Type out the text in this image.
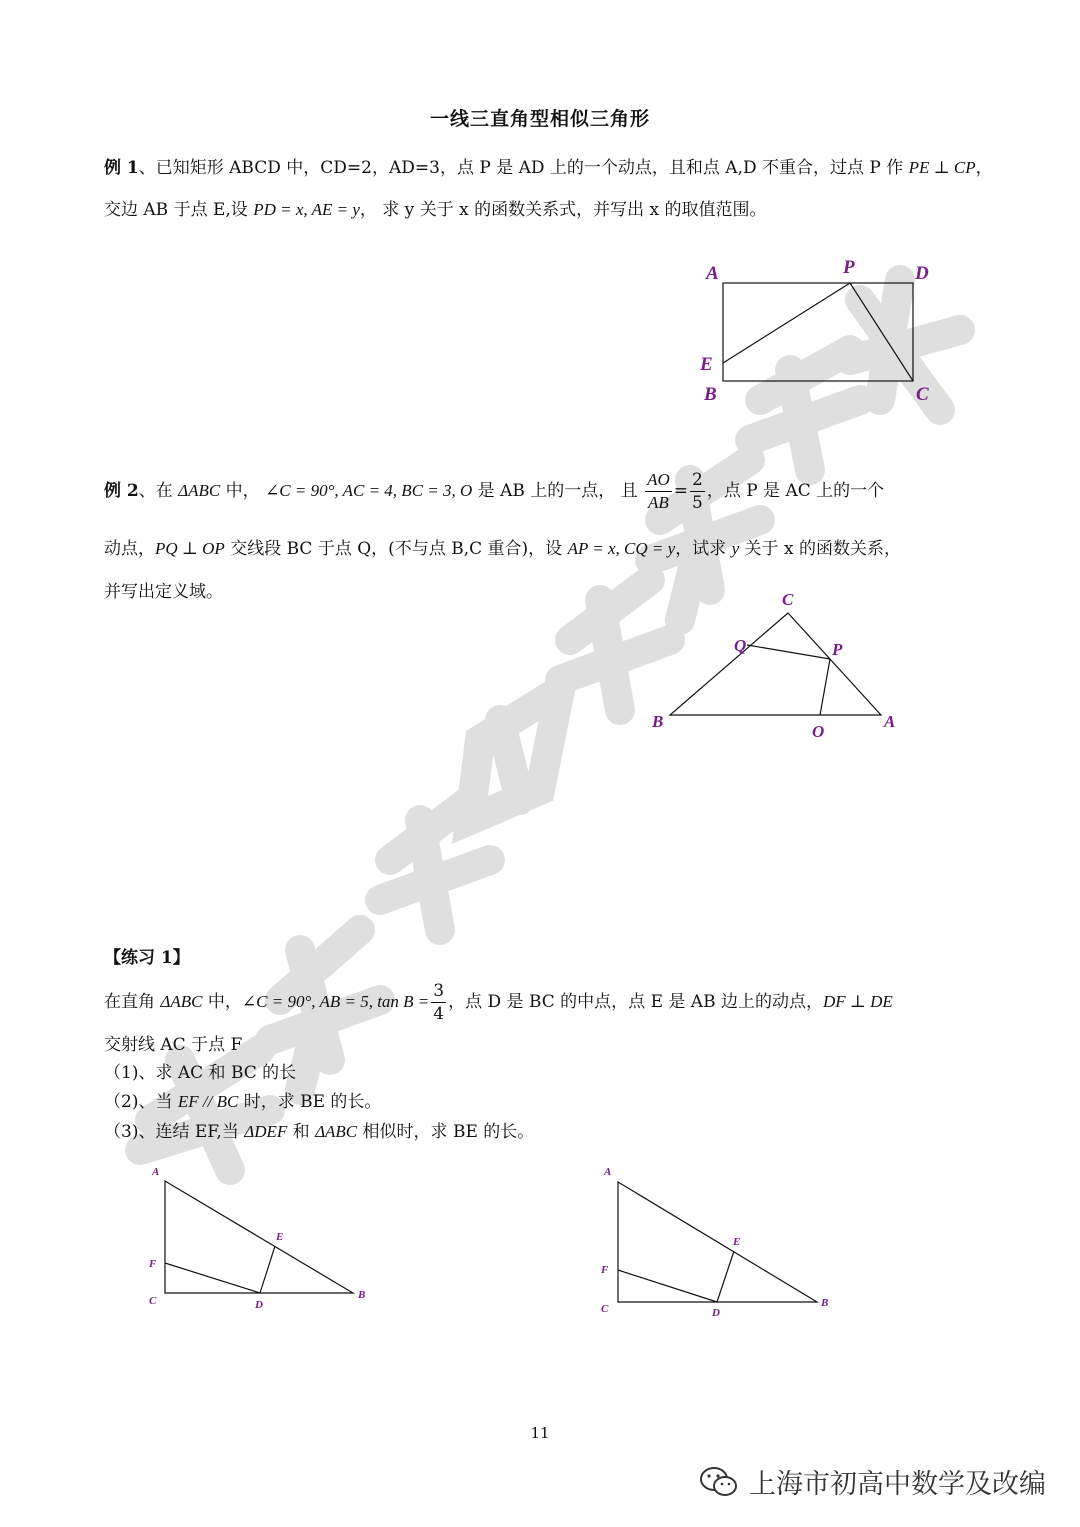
一线三直角型相似三角形
例 1、已知矩形 ABCD 中，CD=2，AD=3，点 P 是 AD 上的一个动点，且和点 A,D 不重合，过点 P 作 PE ⊥ CP，
交边 AB 于点 E,设 PD = x, AE = y， 求 y 关于 x 的函数关系式，并写出 x 的取值范围。
A	P	D
E
B	C
例 2、在 ΔABC 中， ∠C = 90°, AC = 4, BC = 3, O 是 AB 上的一点， 且 $\frac{AO}{AB} = \frac{2}{5}$ ，点 P 是 AC 上的一个
动点，PQ ⊥ OP 交线段 BC 于点 Q，(不与点 B,C 重合)，设 AP = x, CQ = y，试求 y 关于 x 的函数关系，
并写出定义域。	C
Q	P
B
O
A
【练习 1】
在直角 ΔABC 中，∠C = 90°, AB = 5, $\tan B = \frac{3}{4}$ ，点 D 是 BC 的中点，点 E 是 AB 边上的动点，DF ⊥ DE
交射线 AC 于点 F
（1)、求 AC 和 BC 的长
（2)、当 EF // BC 时，求 BE 的长。
（3)、连结 EF,当 ΔDEF 和 ΔABC 相似时，求 BE 的长。
A
E
F
C	D
B
A
E
F
C	D
B
11
上海市初高中数学及改编
